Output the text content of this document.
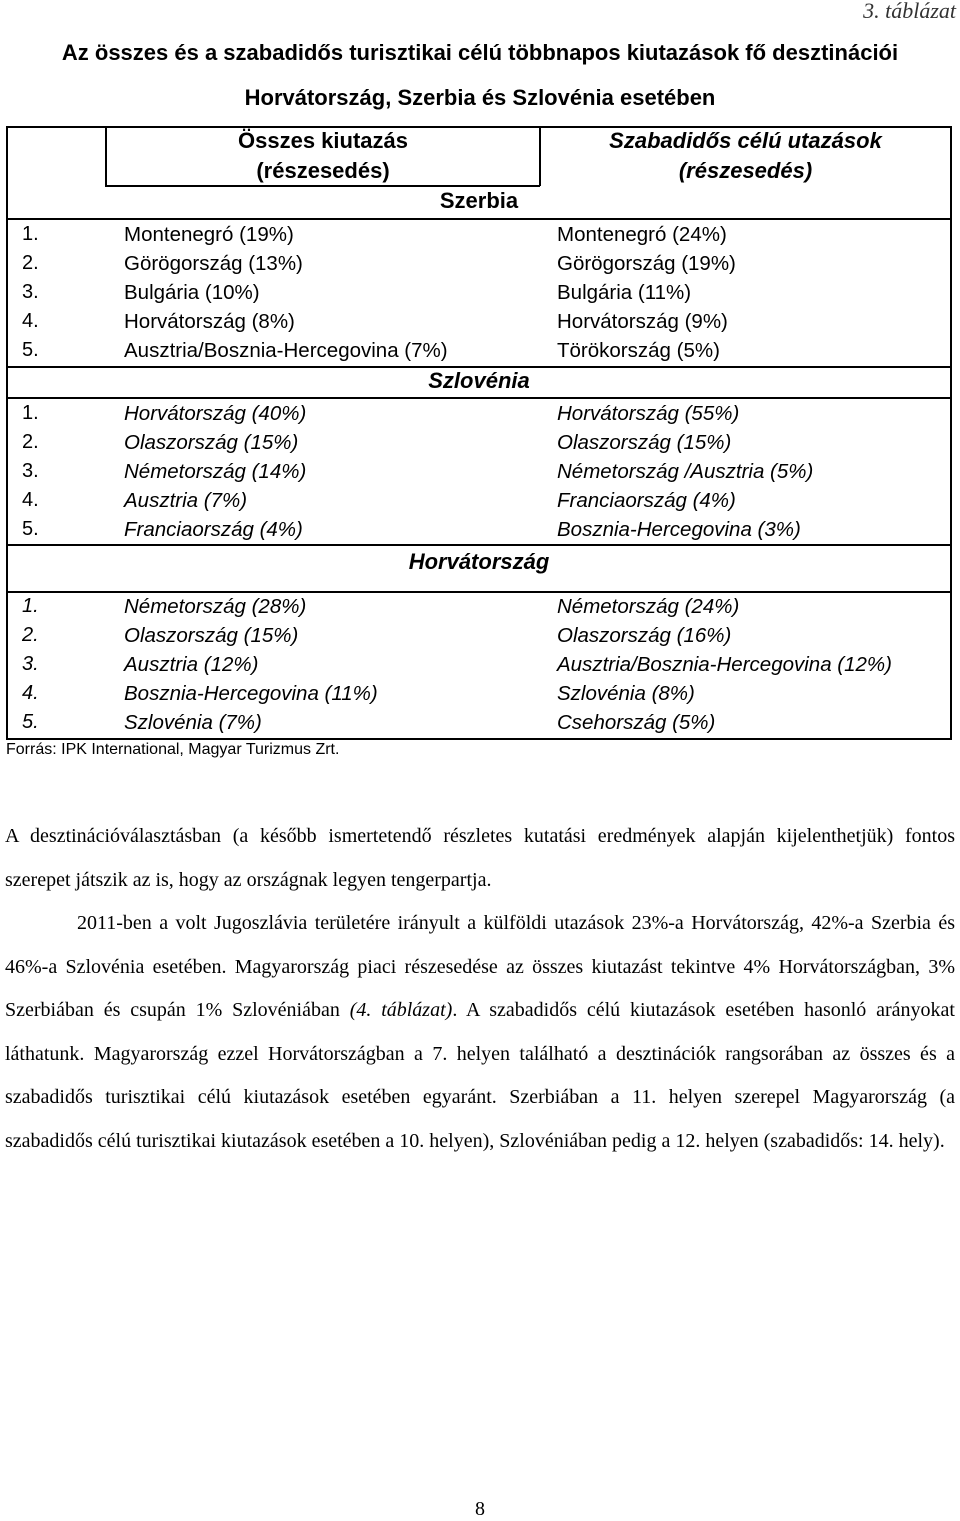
3. táblázat
Az összes és a szabadidős turisztikai célú többnapos kiutazások fő desztinációi
Horvátország, Szerbia és Szlovénia esetében
Összes kiutazás
(részesedés)
Szabadidős célú utazások
(részesedés)
Szerbia
1.
2.
3.
4.
5.
Montenegró (19%)
Görögország (13%)
Bulgária (10%)
Horvátország (8%)
Ausztria/Bosznia-Hercegovina (7%)
Montenegró (24%)
Görögország (19%)
Bulgária (11%)
Horvátország (9%)
Törökország (5%)
Szlovénia
1.
2.
3.
4.
5.
Horvátország (40%)
Olaszország (15%)
Németország (14%)
Ausztria (7%)
Franciaország (4%)
Horvátország (55%)
Olaszország (15%)
Németország /Ausztria (5%)
Franciaország (4%)
Bosznia-Hercegovina (3%)
Horvátország
1.
2.
3.
4.
5.
Németország (28%)
Olaszország (15%)
Ausztria (12%)
Bosznia-Hercegovina (11%)
Szlovénia (7%)
Németország (24%)
Olaszország (16%)
Ausztria/Bosznia-Hercegovina (12%)
Szlovénia (8%)
Csehország (5%)
Forrás: IPK International, Magyar Turizmus Zrt.

A desztinációválasztásban (a később ismertetendő részletes kutatási eredmények alapján kijelenthetjük) fontos szerepet játszik az is, hogy az országnak legyen tengerpartja.

2011-ben a volt Jugoszlávia területére irányult a külföldi utazások 23%-a Horvátország, 42%-a Szerbia és 46%-a Szlovénia esetében. Magyarország piaci részesedése az összes kiutazást tekintve 4% Horvátországban, 3% Szerbiában és csupán 1% Szlovéniában (4. táblázat). A szabadidős célú kiutazások esetében hasonló arányokat láthatunk. Magyarország ezzel Horvátországban a 7. helyen található a desztinációk rangsorában az összes és a szabadidős turisztikai célú kiutazások esetében egyaránt. Szerbiában a 11. helyen szerepel Magyarország (a szabadidős célú turisztikai kiutazások esetében a 10. helyen), Szlovéniában pedig a 12. helyen (szabadidős: 14. hely).

8
